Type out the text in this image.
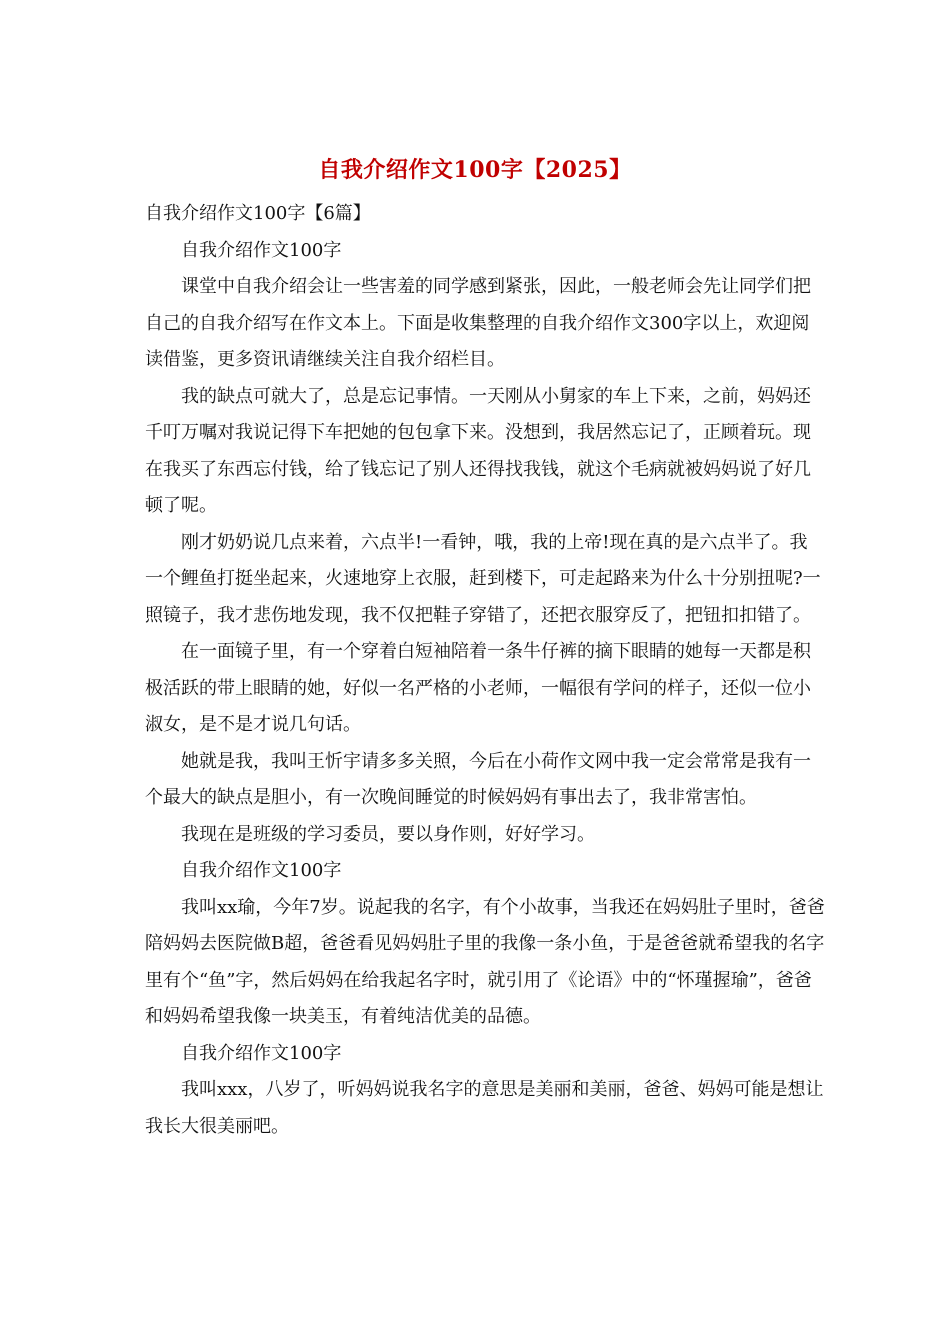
自我介绍作文100字【2025】

自我介绍作文100字【6篇】

自我介绍作文100字

课堂中自我介绍会让一些害羞的同学感到紧张，因此，一般老师会先让同学们把自己的自我介绍写在作文本上。下面是收集整理的自我介绍作文300字以上，欢迎阅读借鉴，更多资讯请继续关注自我介绍栏目。

我的缺点可就大了，总是忘记事情。一天刚从小舅家的车上下来，之前，妈妈还千叮万嘱对我说记得下车把她的包包拿下来。没想到，我居然忘记了，正顾着玩。现在我买了东西忘付钱，给了钱忘记了别人还得找我钱，就这个毛病就被妈妈说了好几顿了呢。

刚才奶奶说几点来着，六点半!一看钟，哦，我的上帝!现在真的是六点半了。我一个鲤鱼打挺坐起来，火速地穿上衣服，赶到楼下，可走起路来为什么十分别扭呢?一照镜子，我才悲伤地发现，我不仅把鞋子穿错了，还把衣服穿反了，把钮扣扣错了。

在一面镜子里，有一个穿着白短袖陪着一条牛仔裤的摘下眼睛的她每一天都是积极活跃的带上眼睛的她，好似一名严格的小老师，一幅很有学问的样子，还似一位小淑女，是不是才说几句话。

她就是我，我叫王忻宇请多多关照，今后在小荷作文网中我一定会常常是我有一个最大的缺点是胆小，有一次晚间睡觉的时候妈妈有事出去了，我非常害怕。

我现在是班级的学习委员，要以身作则，好好学习。

自我介绍作文100字

我叫xx瑜，今年7岁。说起我的名字，有个小故事，当我还在妈妈肚子里时，爸爸陪妈妈去医院做B超，爸爸看见妈妈肚子里的我像一条小鱼，于是爸爸就希望我的名字里有个“鱼”字，然后妈妈在给我起名字时，就引用了《论语》中的“怀瑾握瑜”，爸爸和妈妈希望我像一块美玉，有着纯洁优美的品德。

自我介绍作文100字

我叫xxx，八岁了，听妈妈说我名字的意思是美丽和美丽，爸爸、妈妈可能是想让我长大很美丽吧。
